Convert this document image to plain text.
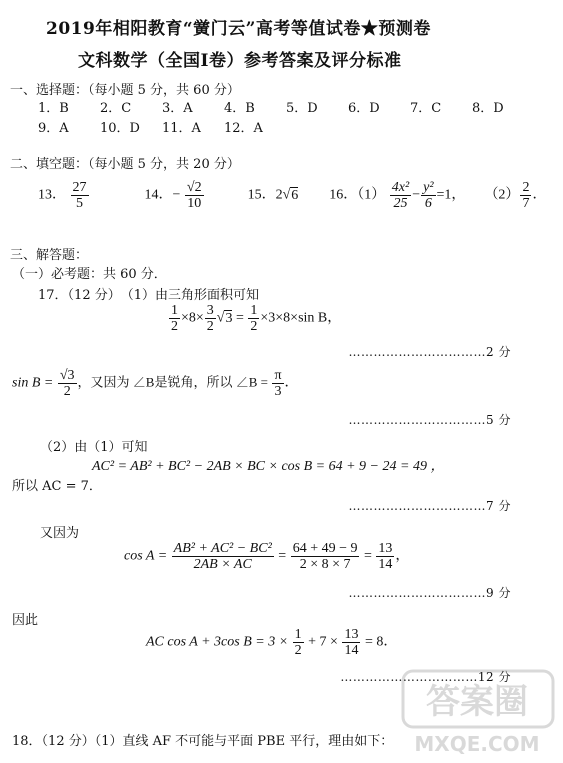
2019年相阳教育“黉门云”高考等值试卷★预测卷
文科数学（全国Ⅰ卷）参考答案及评分标准
一、选择题：（每小题 5 分，共 60 分）
1．B 2．C 3．A 4．B 5．D 6．D 7．C 8．D
9．A 10．D 11．A 12．A
二、填空题：（每小题 5 分，共 20 分）
13． $\frac{27}{5}$	14．− $\frac{√2}{10}$	15．2√6 16．$(1) \frac{\text{4x²}}{25} - \frac{\text{y²}}{6} =1$， $(2) \frac{2}{7}$ ．
三、解答题：
（一）必考题：共 60 分．
17．（12 分）　（1）由三角形面积可知
$\frac{1}{2} \times 8\times \frac{3}{2} √3 = \frac{1}{2} \times 3\times 8\times\sin$ B，
……………………………2 分
$\sin B = \frac{√3}{2}$ ，又因为 ∠B是锐角，所以 ∠B = $\frac{\pi}{3}$ ．
……………………………5 分
（2）由（1）可知
AC² = AB² + BC² − 2AB × BC × cos B = 64 + 9 − 24 = 49 ，
所以 AC = 7．
……………………………7 分
又因为
$\cos A = \frac{\text{AB² + AC² − BC²}}{2AB \times AC} = \frac{64 + 49 - 9}{2 \times 8 \times 7} = \frac{13}{14}$ ，
……………………………9 分
因此
AC cos A + 3cos $B = 3 \times \frac{1}{2} + 7 \times \frac{13}{14} = 8$．
……………………………12 分
18．（12 分）（1）直线 AF 不可能与平面 PBE 平行，理由如下：
答案圈
MXQE.COM
